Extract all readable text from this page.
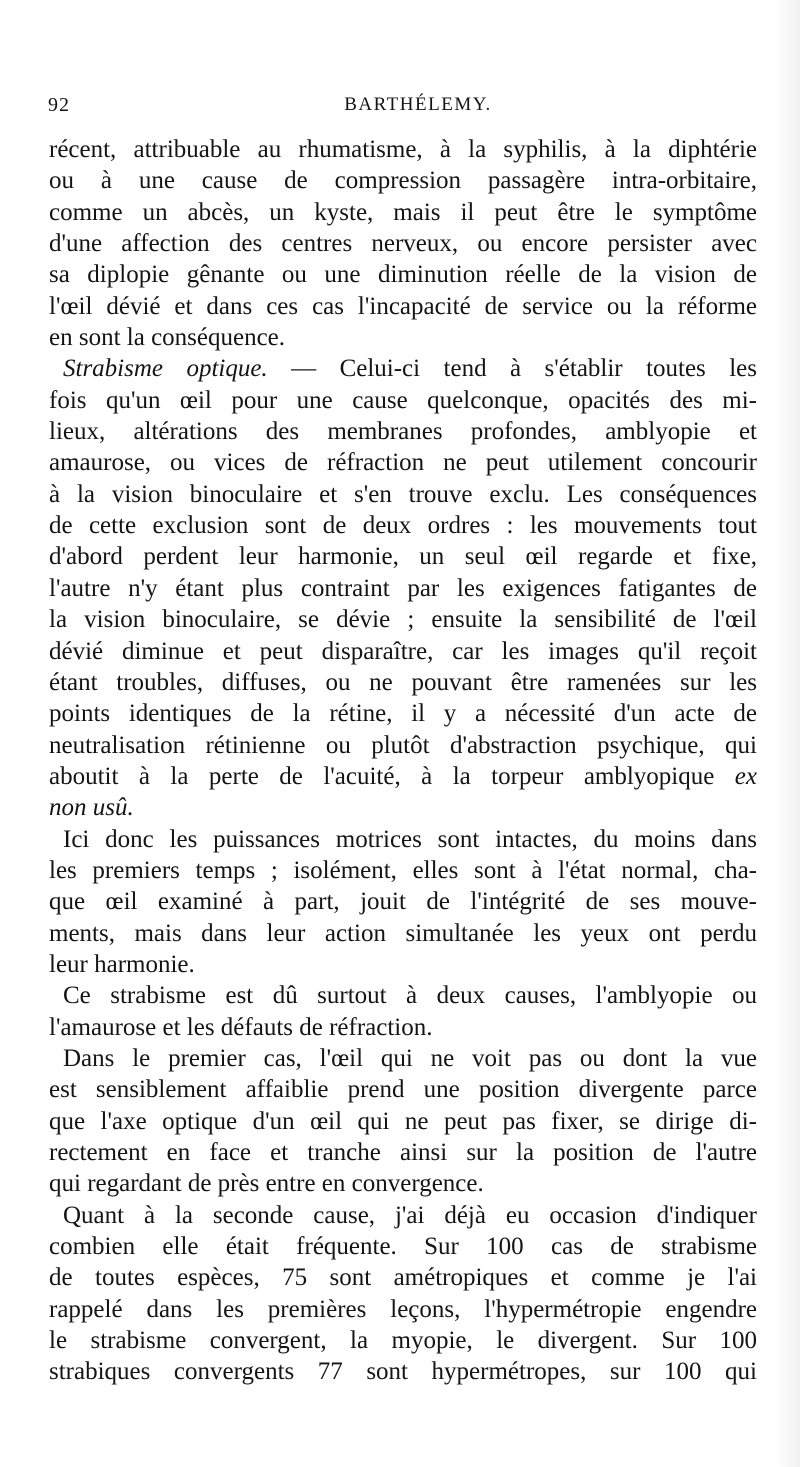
92	BARTHÉLEMY.
récent, attribuable au rhumatisme, à la syphilis, à la diphtérie
ou à une cause de compression passagère intra-orbitaire,
comme un abcès, un kyste, mais il peut être le symptôme
d'une affection des centres nerveux, ou encore persister avec
sa diplopie gênante ou une diminution réelle de la vision de
l'œil dévié et dans ces cas l'incapacité de service ou la réforme
en sont la conséquence.
Strabisme optique. — Celui-ci tend à s'établir toutes les
fois qu'un œil pour une cause quelconque, opacités des mi-
lieux, altérations des membranes profondes, amblyopie et
amaurose, ou vices de réfraction ne peut utilement concourir
à la vision binoculaire et s'en trouve exclu. Les conséquences
de cette exclusion sont de deux ordres : les mouvements tout
d'abord perdent leur harmonie, un seul œil regarde et fixe,
l'autre n'y étant plus contraint par les exigences fatigantes de
la vision binoculaire, se dévie ; ensuite la sensibilité de l'œil
dévié diminue et peut disparaître, car les images qu'il reçoit
étant troubles, diffuses, ou ne pouvant être ramenées sur les
points identiques de la rétine, il y a nécessité d'un acte de
neutralisation rétinienne ou plutôt d'abstraction psychique, qui
aboutit à la perte de l'acuité, à la torpeur amblyopique ex
non usû.
Ici donc les puissances motrices sont intactes, du moins dans
les premiers temps ; isolément, elles sont à l'état normal, cha-
que œil examiné à part, jouit de l'intégrité de ses mouve-
ments, mais dans leur action simultanée les yeux ont perdu
leur harmonie.
Ce strabisme est dû surtout à deux causes, l'amblyopie ou
l'amaurose et les défauts de réfraction.
Dans le premier cas, l'œil qui ne voit pas ou dont la vue
est sensiblement affaiblie prend une position divergente parce
que l'axe optique d'un œil qui ne peut pas fixer, se dirige di-
rectement en face et tranche ainsi sur la position de l'autre
qui regardant de près entre en convergence.
Quant à la seconde cause, j'ai déjà eu occasion d'indiquer
combien elle était fréquente. Sur 100 cas de strabisme
de toutes espèces, 75 sont amétropiques et comme je l'ai
rappelé dans les premières leçons, l'hypermétropie engendre
le strabisme convergent, la myopie, le divergent. Sur 100
strabiques convergents 77 sont hypermétropes, sur 100 qui
